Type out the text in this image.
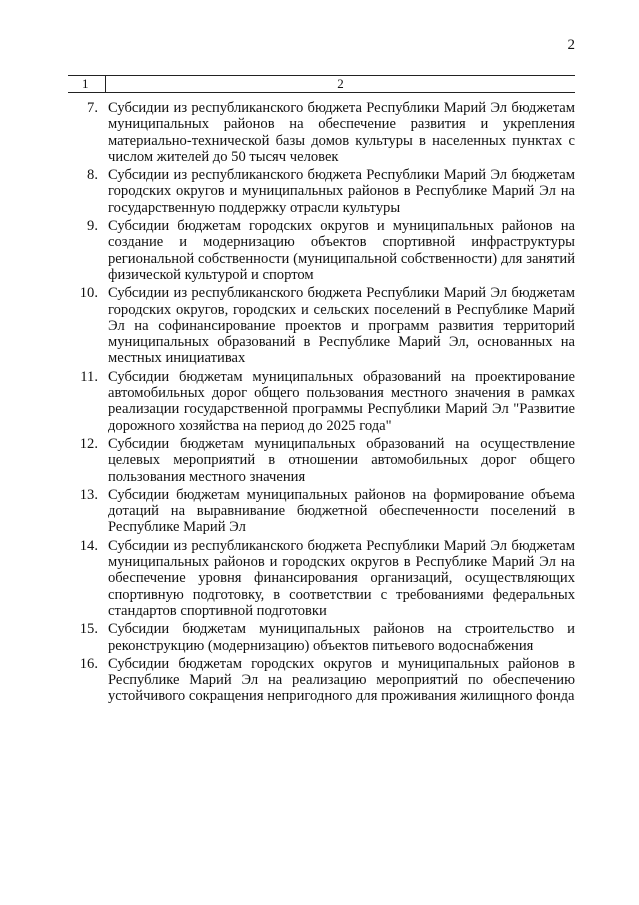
2
1	2
7. Субсидии из республиканского бюджета Республики Марий Эл бюджетам муниципальных районов на обеспечение развития и укрепления материально-технической базы домов культуры в населенных пунктах с числом жителей до 50 тысяч человек
8. Субсидии из республиканского бюджета Республики Марий Эл бюджетам городских округов и муниципальных районов в Республике Марий Эл на государственную поддержку отрасли культуры
9. Субсидии бюджетам городских округов и муниципальных районов на создание и модернизацию объектов спортивной инфраструктуры региональной собственности (муниципальной собственности) для занятий физической культурой и спортом
10. Субсидии из республиканского бюджета Республики Марий Эл бюджетам городских округов, городских и сельских поселений в Республике Марий Эл на софинансирование проектов и программ развития территорий муниципальных образований в Республике Марий Эл, основанных на местных инициативах
11. Субсидии бюджетам муниципальных образований на проектирование автомобильных дорог общего пользования местного значения в рамках реализации государственной программы Республики Марий Эл "Развитие дорожного хозяйства на период до 2025 года"
12. Субсидии бюджетам муниципальных образований на осуществление целевых мероприятий в отношении автомобильных дорог общего пользования местного значения
13. Субсидии бюджетам муниципальных районов на формирование объема дотаций на выравнивание бюджетной обеспеченности поселений в Республике Марий Эл
14. Субсидии из республиканского бюджета Республики Марий Эл бюджетам муниципальных районов и городских округов в Республике Марий Эл на обеспечение уровня финансирования организаций, осуществляющих спортивную подготовку, в соответствии с требованиями федеральных стандартов спортивной подготовки
15. Субсидии бюджетам муниципальных районов на строительство и реконструкцию (модернизацию) объектов питьевого водоснабжения
16. Субсидии бюджетам городских округов и муниципальных районов в Республике Марий Эл на реализацию мероприятий по обеспечению устойчивого сокращения непригодного для проживания жилищного фонда
